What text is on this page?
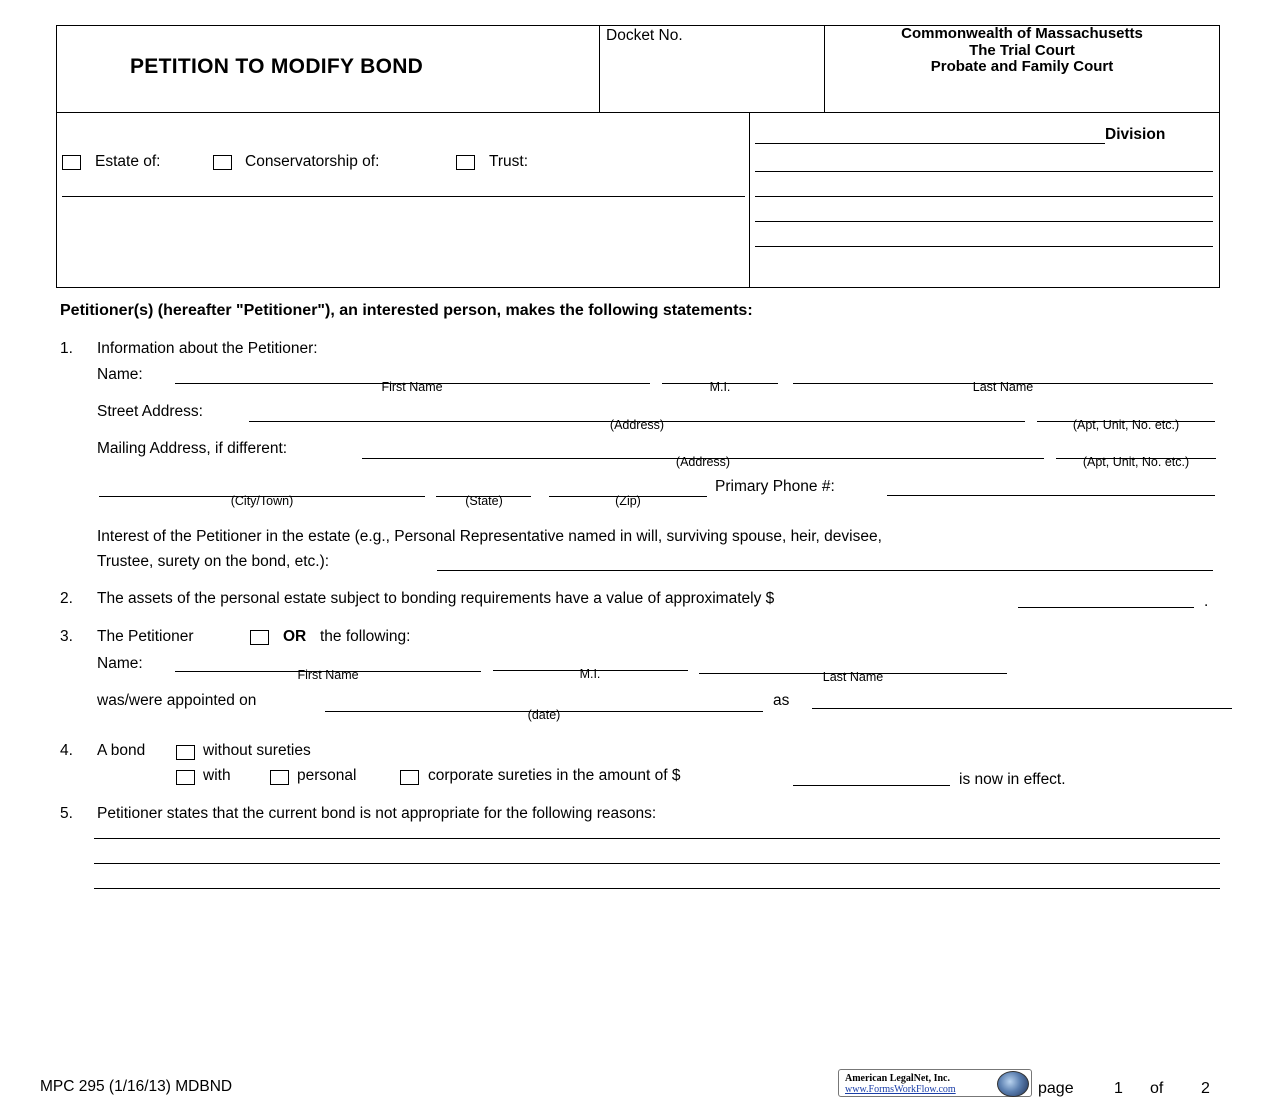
PETITION TO MODIFY BOND
Docket No.	Commonwealth of Massachusetts
The Trial Court
Probate and Family Court
Estate of:	Conservatorship of:	Trust:
Division
Petitioner(s) (hereafter "Petitioner"), an interested person, makes the following statements:
1. Information about the Petitioner:
Name:
First Name	M.I.	Last Name
Street Address:
(Address)	(Apt, Unit, No. etc.)
Mailing Address, if different:
(Address)	(Apt, Unit, No. etc.)
(City/Town)	(State)	(Zip)
Primary Phone #:
Interest of the Petitioner in the estate (e.g., Personal Representative named in will, surviving spouse, heir, devisee,
Trustee, surety on the bond, etc.):
2. The assets of the personal estate subject to bonding requirements have a value of approximately $	.
3. The Petitioner	OR the following:
Name:
First Name	M.I.	Last Name
was/were appointed on
(date)
as
4. A bond	without sureties
with	personal	corporate sureties in the amount of $	is now in effect.
5. Petitioner states that the current bond is not appropriate for the following reasons:
MPC 295 (1/16/13) MDBND	American LegalNet, Inc.
www.FormsWorkFlow.com	page	1 of 2
